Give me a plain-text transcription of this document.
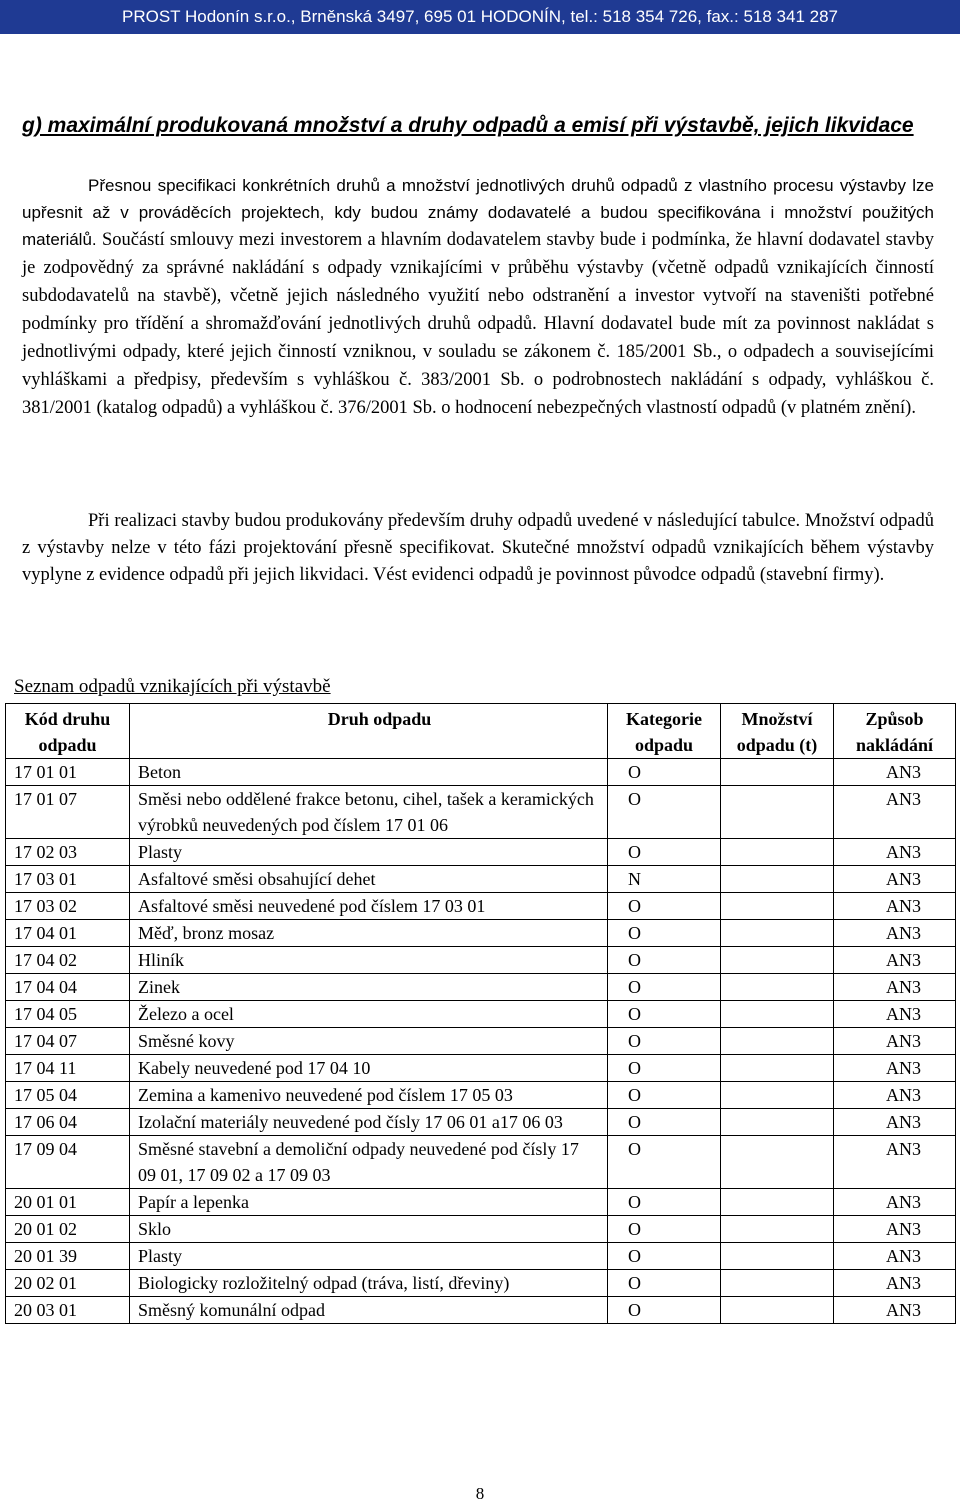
PROST Hodonín s.r.o., Brněnská 3497, 695 01 HODONÍN, tel.: 518 354 726, fax.: 518 341 287
g) maximální produkovaná množství a druhy odpadů a emisí při výstavbě, jejich likvidace
Přesnou specifikaci konkrétních druhů a množství jednotlivých druhů odpadů z vlastního procesu výstavby lze upřesnit až v prováděcích projektech, kdy budou známy dodavatelé a budou specifikována i množství použitých materiálů. Součástí smlouvy mezi investorem a hlavním dodavatelem stavby bude i podmínka, že hlavní dodavatel stavby je zodpovědný za správné nakládání s odpady vznikajícími v průběhu výstavby (včetně odpadů vznikajících činností subdodavatelů na stavbě), včetně jejich následného využití nebo odstranění a investor vytvoří na staveništi potřebné podmínky pro třídění a shromažďování jednotlivých druhů odpadů. Hlavní dodavatel bude mít za povinnost nakládat s jednotlivými odpady, které jejich činností vzniknou, v souladu se zákonem č. 185/2001 Sb., o odpadech a souvisejícími vyhláškami a předpisy, především s vyhláškou č. 383/2001 Sb. o podrobnostech nakládání s odpady, vyhláškou č. 381/2001 (katalog odpadů) a vyhláškou č. 376/2001 Sb. o hodnocení nebezpečných vlastností odpadů (v platném znění).
Při realizaci stavby budou produkovány především druhy odpadů uvedené v následující tabulce. Množství odpadů z výstavby nelze v této fázi projektování přesně specifikovat. Skutečné množství odpadů vznikajících během výstavby vyplyne z evidence odpadů při jejich likvidaci. Vést evidenci odpadů je povinnost původce odpadů (stavební firmy).
Seznam odpadů vznikajících při výstavbě
Kód druhu odpadu	Druh odpadu	Kategorie odpadu	Množství odpadu (t)	Způsob nakládání
17 01 01	Beton	O		AN3
17 01 07	Směsi nebo oddělené frakce betonu, cihel, tašek a keramických výrobků neuvedených pod číslem 17 01 06	O		AN3
17 02 03	Plasty	O		AN3
17 03 01	Asfaltové směsi obsahující dehet	N		AN3
17 03 02	Asfaltové směsi neuvedené pod číslem 17 03 01	O		AN3
17 04 01	Měď, bronz mosaz	O		AN3
17 04 02	Hliník	O		AN3
17 04 04	Zinek	O		AN3
17 04 05	Železo a ocel	O		AN3
17 04 07	Směsné kovy	O		AN3
17 04 11	Kabely neuvedené pod 17 04 10	O		AN3
17 05 04	Zemina a kamenivo neuvedené pod číslem 17 05 03	O		AN3
17 06 04	Izolační materiály neuvedené pod čísly 17 06 01 a17 06 03	O		AN3
17 09 04	Směsné stavební a demoliční odpady neuvedené pod čísly 17 09 01, 17 09 02 a 17 09 03	O		AN3
20 01 01	Papír a lepenka	O		AN3
20 01 02	Sklo	O		AN3
20 01 39	Plasty	O		AN3
20 02 01	Biologicky rozložitelný odpad (tráva, listí, dřeviny)	O		AN3
20 03 01	Směsný komunální odpad	O		AN3
8
